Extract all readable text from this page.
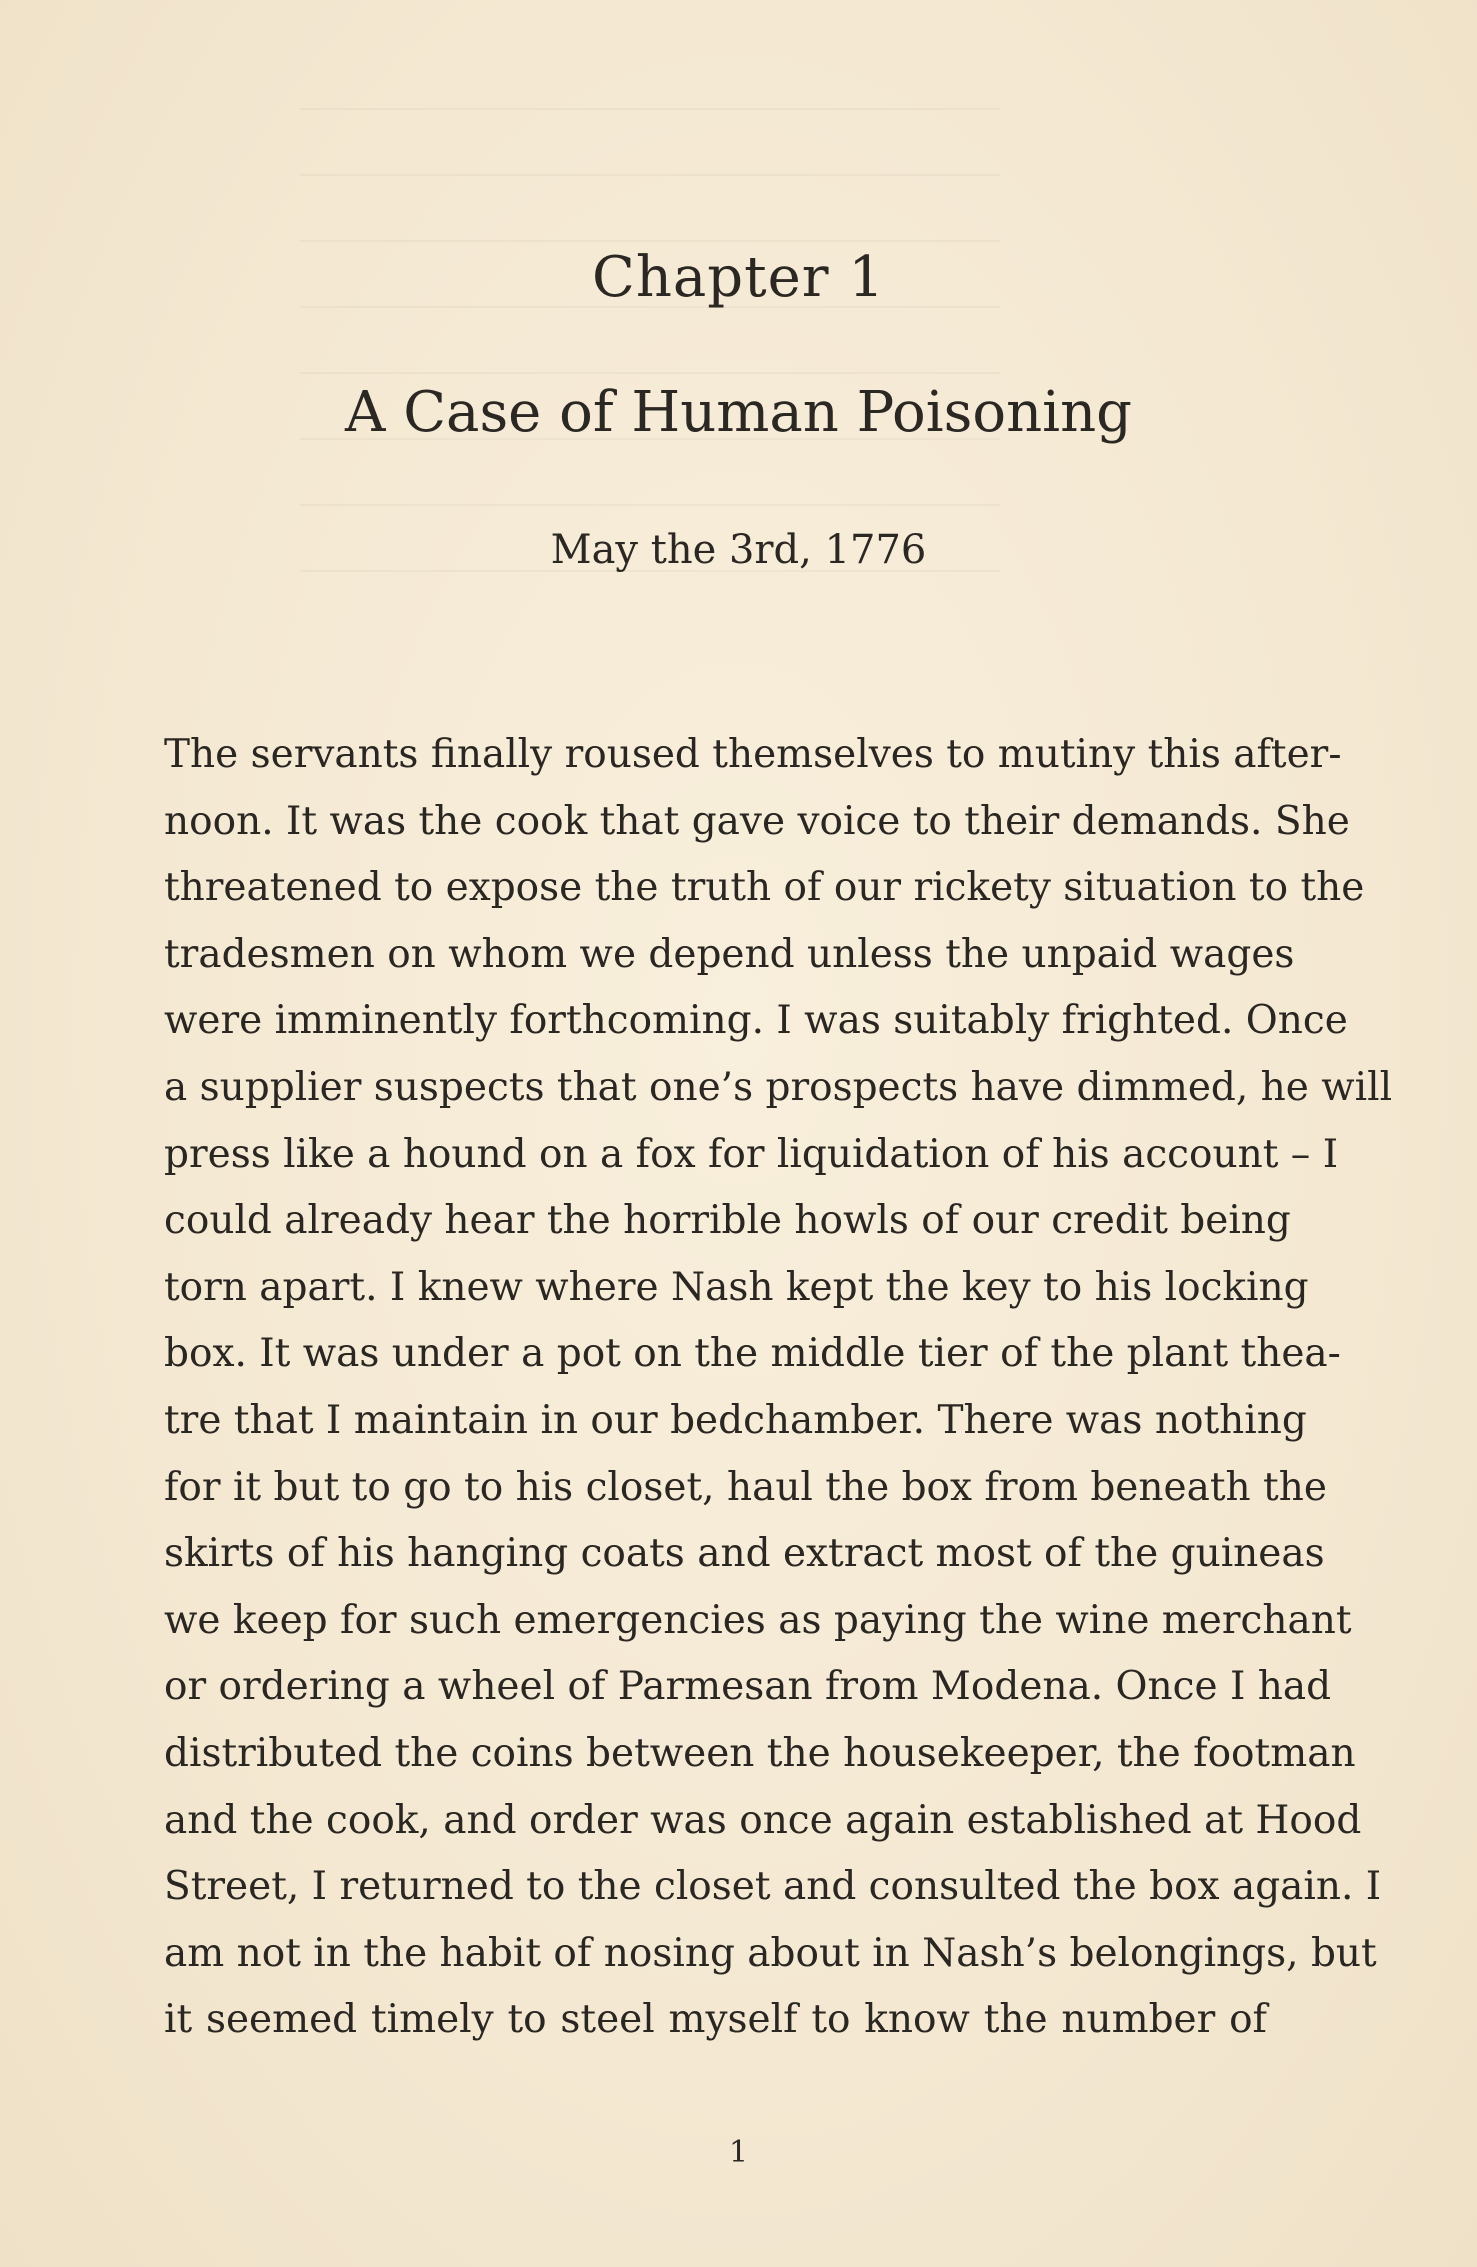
Chapter 1
A Case of Human Poisoning
May the 3rd, 1776
The servants finally roused themselves to mutiny this after-
noon. It was the cook that gave voice to their demands. She
threatened to expose the truth of our rickety situation to the
tradesmen on whom we depend unless the unpaid wages
were imminently forthcoming. I was suitably frighted. Once
a supplier suspects that one’s prospects have dimmed, he will
press like a hound on a fox for liquidation of his account – I
could already hear the horrible howls of our credit being
torn apart. I knew where Nash kept the key to his locking
box. It was under a pot on the middle tier of the plant thea-
tre that I maintain in our bedchamber. There was nothing
for it but to go to his closet, haul the box from beneath the
skirts of his hanging coats and extract most of the guineas
we keep for such emergencies as paying the wine merchant
or ordering a wheel of Parmesan from Modena. Once I had
distributed the coins between the housekeeper, the footman
and the cook, and order was once again established at Hood
Street, I returned to the closet and consulted the box again. I
am not in the habit of nosing about in Nash’s belongings, but
it seemed timely to steel myself to know the number of
1
